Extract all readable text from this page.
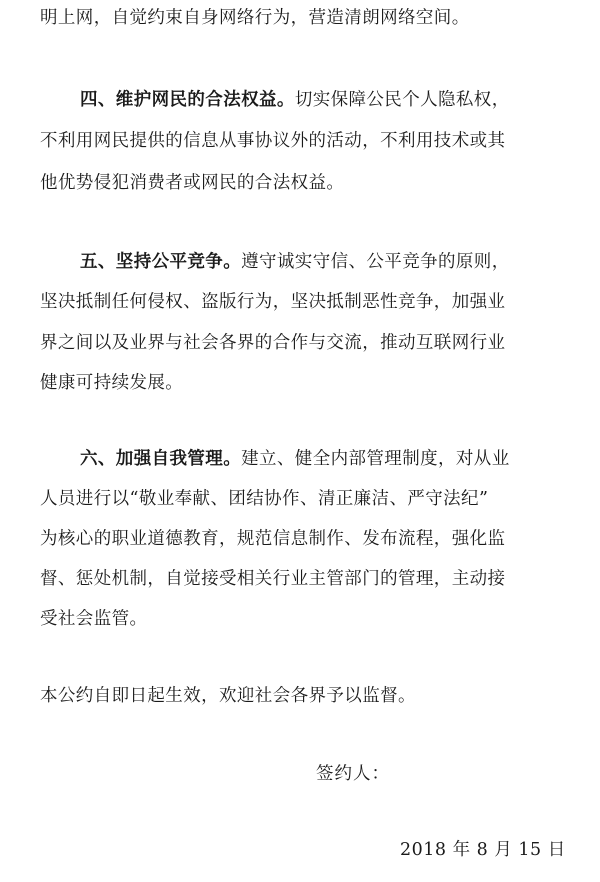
明上网，自觉约束自身网络行为，营造清朗网络空间。
四、维护网民的合法权益。切实保障公民个人隐私权，
不利用网民提供的信息从事协议外的活动，不利用技术或其
他优势侵犯消费者或网民的合法权益。
五、坚持公平竞争。遵守诚实守信、公平竞争的原则，
坚决抵制任何侵权、盗版行为，坚决抵制恶性竞争，加强业
界之间以及业界与社会各界的合作与交流，推动互联网行业
健康可持续发展。
六、加强自我管理。建立、健全内部管理制度，对从业
人员进行以“敬业奉献、团结协作、清正廉洁、严守法纪”
为核心的职业道德教育，规范信息制作、发布流程，强化监
督、惩处机制，自觉接受相关行业主管部门的管理，主动接
受社会监管。
本公约自即日起生效，欢迎社会各界予以监督。
签约人：
2018 年 8 月 15 日
